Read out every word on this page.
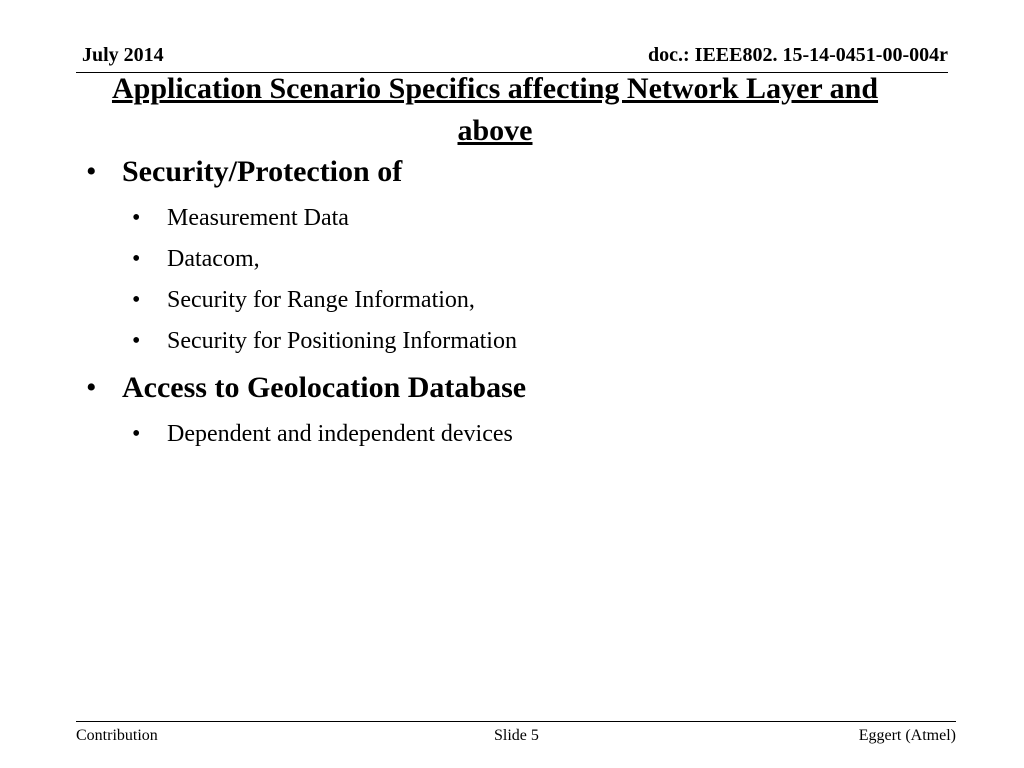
July 2014	doc.: IEEE802. 15-14-0451-00-004r
Application Scenario Specifics affecting Network Layer and
above
• Security/Protection of
• Measurement Data
• Datacom,
• Security for Range Information,
• Security for Positioning Information
• Access to Geolocation Database
• Dependent and independent devices
Contribution	Slide 5	Eggert (Atmel)
